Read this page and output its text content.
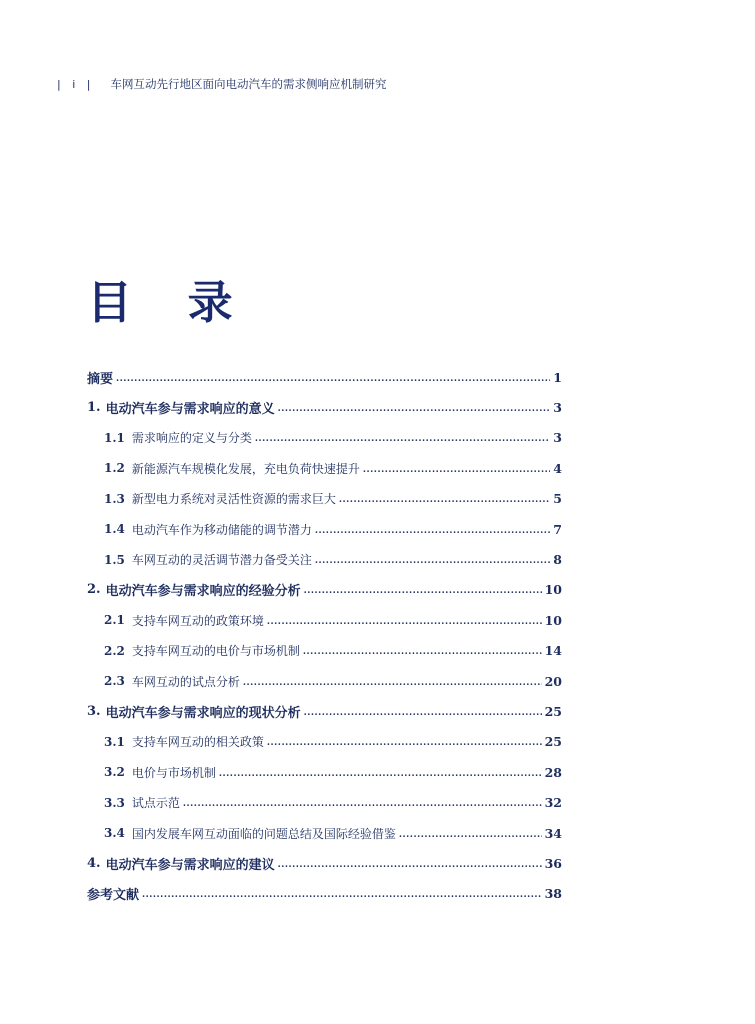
| i | 车网互动先行地区面向电动汽车的需求侧响应机制研究
目 录
摘要 .....	1
1. 电动汽车参与需求响应的意义 .....	3
1.1 需求响应的定义与分类 .....	3
1.2 新能源汽车规模化发展，充电负荷快速提升 .....	4
1.3 新型电力系统对灵活性资源的需求巨大 .....	5
1.4 电动汽车作为移动储能的调节潜力 .....	7
1.5 车网互动的灵活调节潜力备受关注 .....	8
2. 电动汽车参与需求响应的经验分析 .....	10
2.1 支持车网互动的政策环境 .....	10
2.2 支持车网互动的电价与市场机制 .....	14
2.3 车网互动的试点分析 .....	20
3. 电动汽车参与需求响应的现状分析 .....	25
3.1 支持车网互动的相关政策 .....	25
3.2 电价与市场机制 .....	28
3.3 试点示范 .....	32
3.4 国内发展车网互动面临的问题总结及国际经验借鉴 .....	34
4. 电动汽车参与需求响应的建议 .....	36
参考文献 .....	38
